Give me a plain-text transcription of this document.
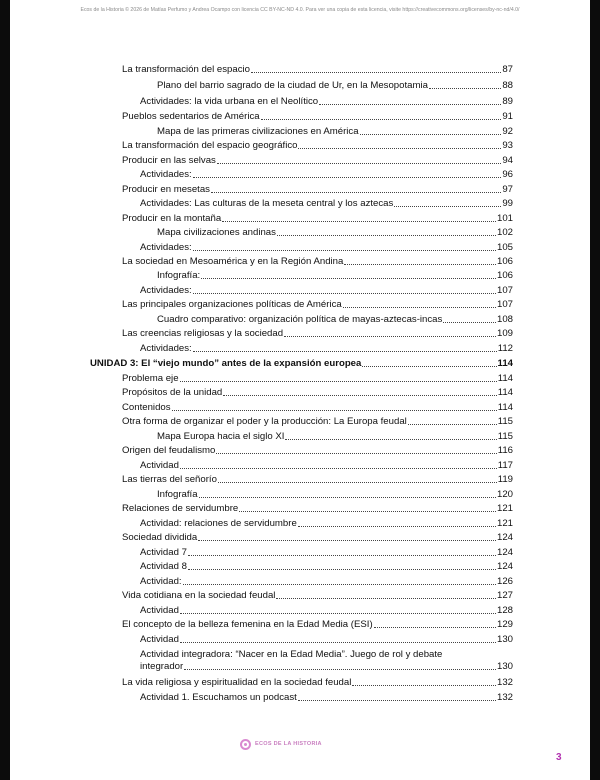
Ecos de la Historia © 2026 de Matías Perfumo y Andrea Ocampo con licencia CC BY-NC-ND 4.0. Para ver una copia de esta licencia, visite https://creativecommons.org/licenses/by-nc-nd/4.0/
La transformación del espacio	87
Plano del barrio sagrado de la ciudad de Ur, en la Mesopotamia	88
Actividades: la vida urbana en el Neolítico	89
Pueblos sedentarios de América	91
Mapa de las primeras civilizaciones en América	92
La transformación del espacio geográfico	93
Producir en las selvas	94
Actividades:	96
Producir en mesetas	97
Actividades: Las culturas de la meseta central y los aztecas	99
Producir en la montaña	101
Mapa civilizaciones andinas	102
Actividades:	105
La sociedad en Mesoamérica y en la Región Andina	106
Infografía:	106
Actividades:	107
Las principales organizaciones políticas de América	107
Cuadro comparativo: organización política de mayas-aztecas-incas	108
Las creencias religiosas y la sociedad	109
Actividades:	112
UNIDAD 3: El “viejo mundo” antes de la expansión europea	114
Problema eje	114
Propósitos de la unidad	114
Contenidos	114
Otra forma de organizar el poder y la producción: La Europa feudal	115
Mapa Europa hacia el siglo XI	115
Origen del feudalismo	116
Actividad	117
Las tierras del señorío	119
Infografía	120
Relaciones de servidumbre	121
Actividad: relaciones de servidumbre	121
Sociedad dividida	124
Actividad 7	124
Actividad 8	124
Actividad:	126
Vida cotidiana en la sociedad feudal	127
Actividad	128
El concepto de la belleza femenina en la Edad Media (ESI)	129
Actividad	130
Actividad integradora: “Nacer en la Edad Media”. Juego de rol y debate
integrador	130
La vida religiosa y espiritualidad en la sociedad feudal	132
Actividad 1. Escuchamos un podcast	132
ECOS DE LA HISTORIA
3
